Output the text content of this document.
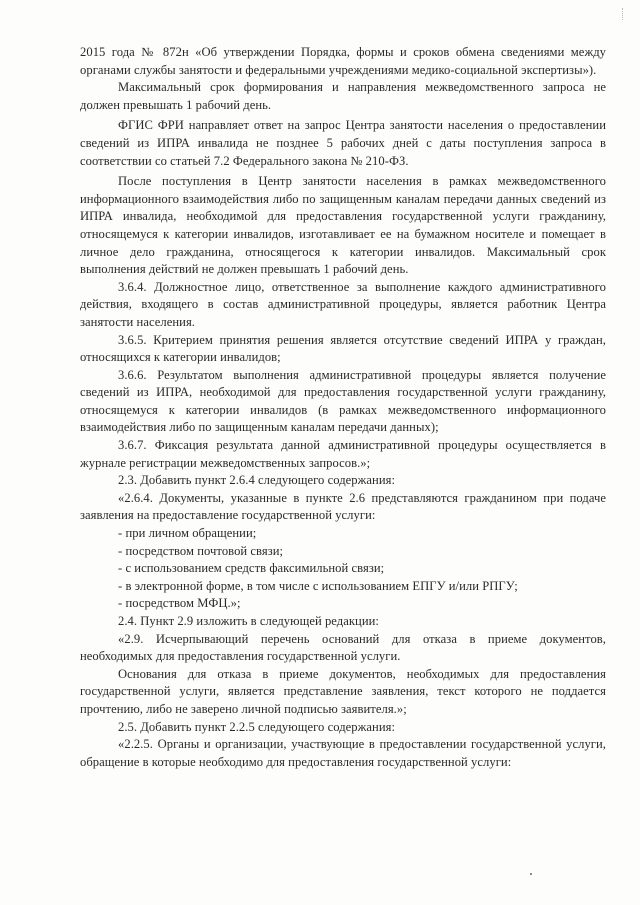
2015 года № 872н «Об утверждении Порядка, формы и сроков обмена сведениями между органами службы занятости и федеральными учреждениями медико-социальной экспертизы»).

Максимальный срок формирования и направления межведомственного запроса не должен превышать 1 рабочий день.

ФГИС ФРИ направляет ответ на запрос Центра занятости населения о предоставлении сведений из ИПРА инвалида не позднее 5 рабочих дней с даты поступления запроса в соответствии со статьей 7.2 Федерального закона № 210-ФЗ.

После поступления в Центр занятости населения в рамках межведомственного информационного взаимодействия либо по защищенным каналам передачи данных сведений из ИПРА инвалида, необходимой для предоставления государственной услуги гражданину, относящемуся к категории инвалидов, изготавливает ее на бумажном носителе и помещает в личное дело гражданина, относящегося к категории инвалидов. Максимальный срок выполнения действий не должен превышать 1 рабочий день.

3.6.4. Должностное лицо, ответственное за выполнение каждого административного действия, входящего в состав административной процедуры, является работник Центра занятости населения.

3.6.5. Критерием принятия решения является отсутствие сведений ИПРА у граждан, относящихся к категории инвалидов;

3.6.6. Результатом выполнения административной процедуры является получение сведений из ИПРА, необходимой для предоставления государственной услуги гражданину, относящемуся к категории инвалидов (в рамках межведомственного информационного взаимодействия либо по защищенным каналам передачи данных);

3.6.7. Фиксация результата данной административной процедуры осуществляется в журнале регистрации межведомственных запросов.»;

2.3. Добавить пункт 2.6.4 следующего содержания:

«2.6.4. Документы, указанные в пункте 2.6 представляются гражданином при подаче заявления на предоставление государственной услуги:

- при личном обращении;

- посредством почтовой связи;

- с использованием средств факсимильной связи;

- в электронной форме, в том числе с использованием ЕПГУ и/или РПГУ;

- посредством МФЦ.»;

2.4. Пункт 2.9 изложить в следующей редакции:

«2.9. Исчерпывающий перечень оснований для отказа в приеме документов, необходимых для предоставления государственной услуги.

Основания для отказа в приеме документов, необходимых для предоставления государственной услуги, является представление заявления, текст которого не поддается прочтению, либо не заверено личной подписью заявителя.»;

2.5. Добавить пункт 2.2.5 следующего содержания:

«2.2.5. Органы и организации, участвующие в предоставлении государственной услуги, обращение в которые необходимо для предоставления государственной услуги:
